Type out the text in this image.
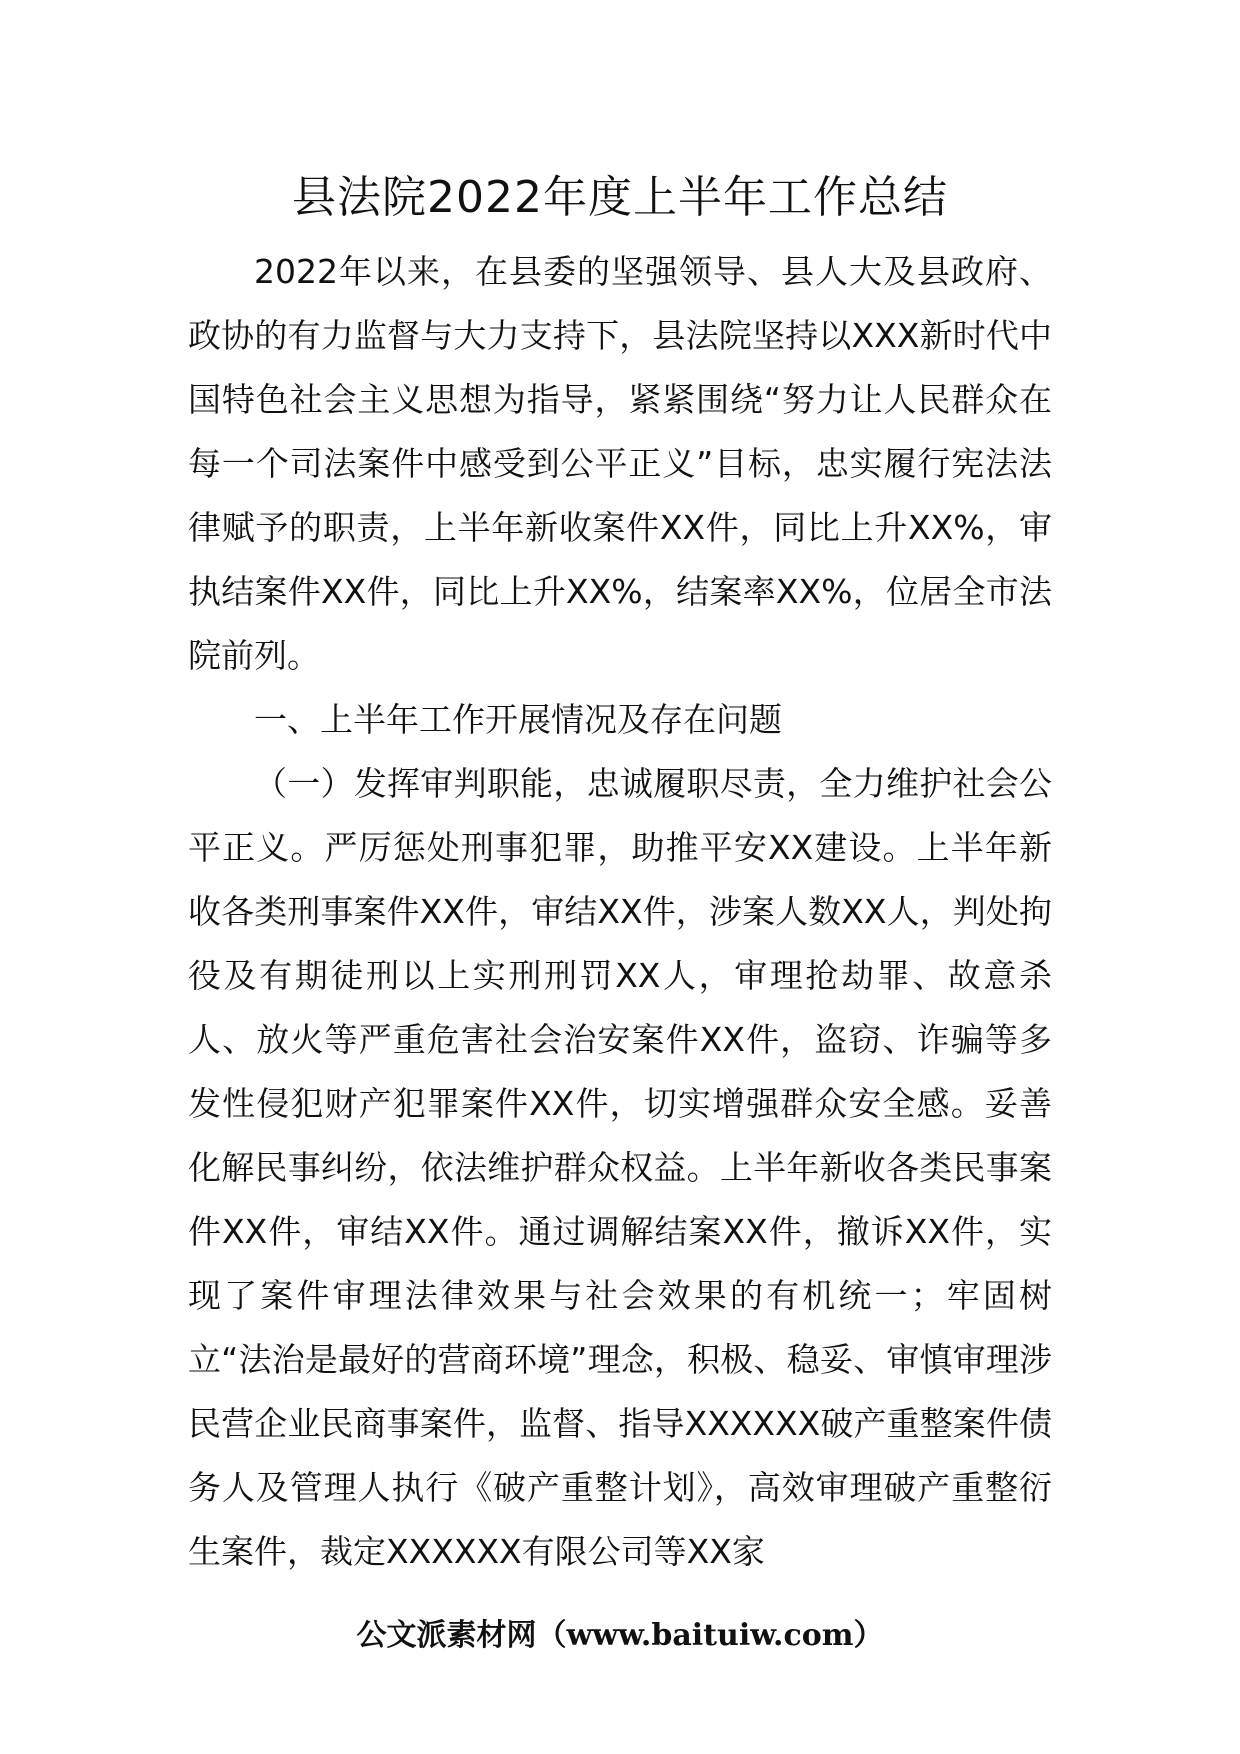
县法院2022年度上半年工作总结

2022年以来，在县委的坚强领导、县人大及县政府、政协的有力监督与大力支持下，县法院坚持以XXX新时代中国特色社会主义思想为指导，紧紧围绕“努力让人民群众在每一个司法案件中感受到公平正义”目标，忠实履行宪法法律赋予的职责，上半年新收案件XX件，同比上升XX%，审执结案件XX件，同比上升XX%，结案率XX%，位居全市法院前列。

一、上半年工作开展情况及存在问题

（一）发挥审判职能，忠诚履职尽责，全力维护社会公平正义。严厉惩处刑事犯罪，助推平安XX建设。上半年新收各类刑事案件XX件，审结XX件，涉案人数XX人，判处拘役及有期徒刑以上实刑刑罚XX人，审理抢劫罪、故意杀人、放火等严重危害社会治安案件XX件，盗窃、诈骗等多发性侵犯财产犯罪案件XX件，切实增强群众安全感。妥善化解民事纠纷，依法维护群众权益。上半年新收各类民事案件XX件，审结XX件。通过调解结案XX件，撤诉XX件，实现了案件审理法律效果与社会效果的有机统一；牢固树立“法治是最好的营商环境”理念，积极、稳妥、审慎审理涉民营企业民商事案件，监督、指导XXXXXX破产重整案件债务人及管理人执行《破产重整计划》，高效审理破产重整衍生案件，裁定XXXXXX有限公司等XX家

公文派素材网（www.baituiw.com）
